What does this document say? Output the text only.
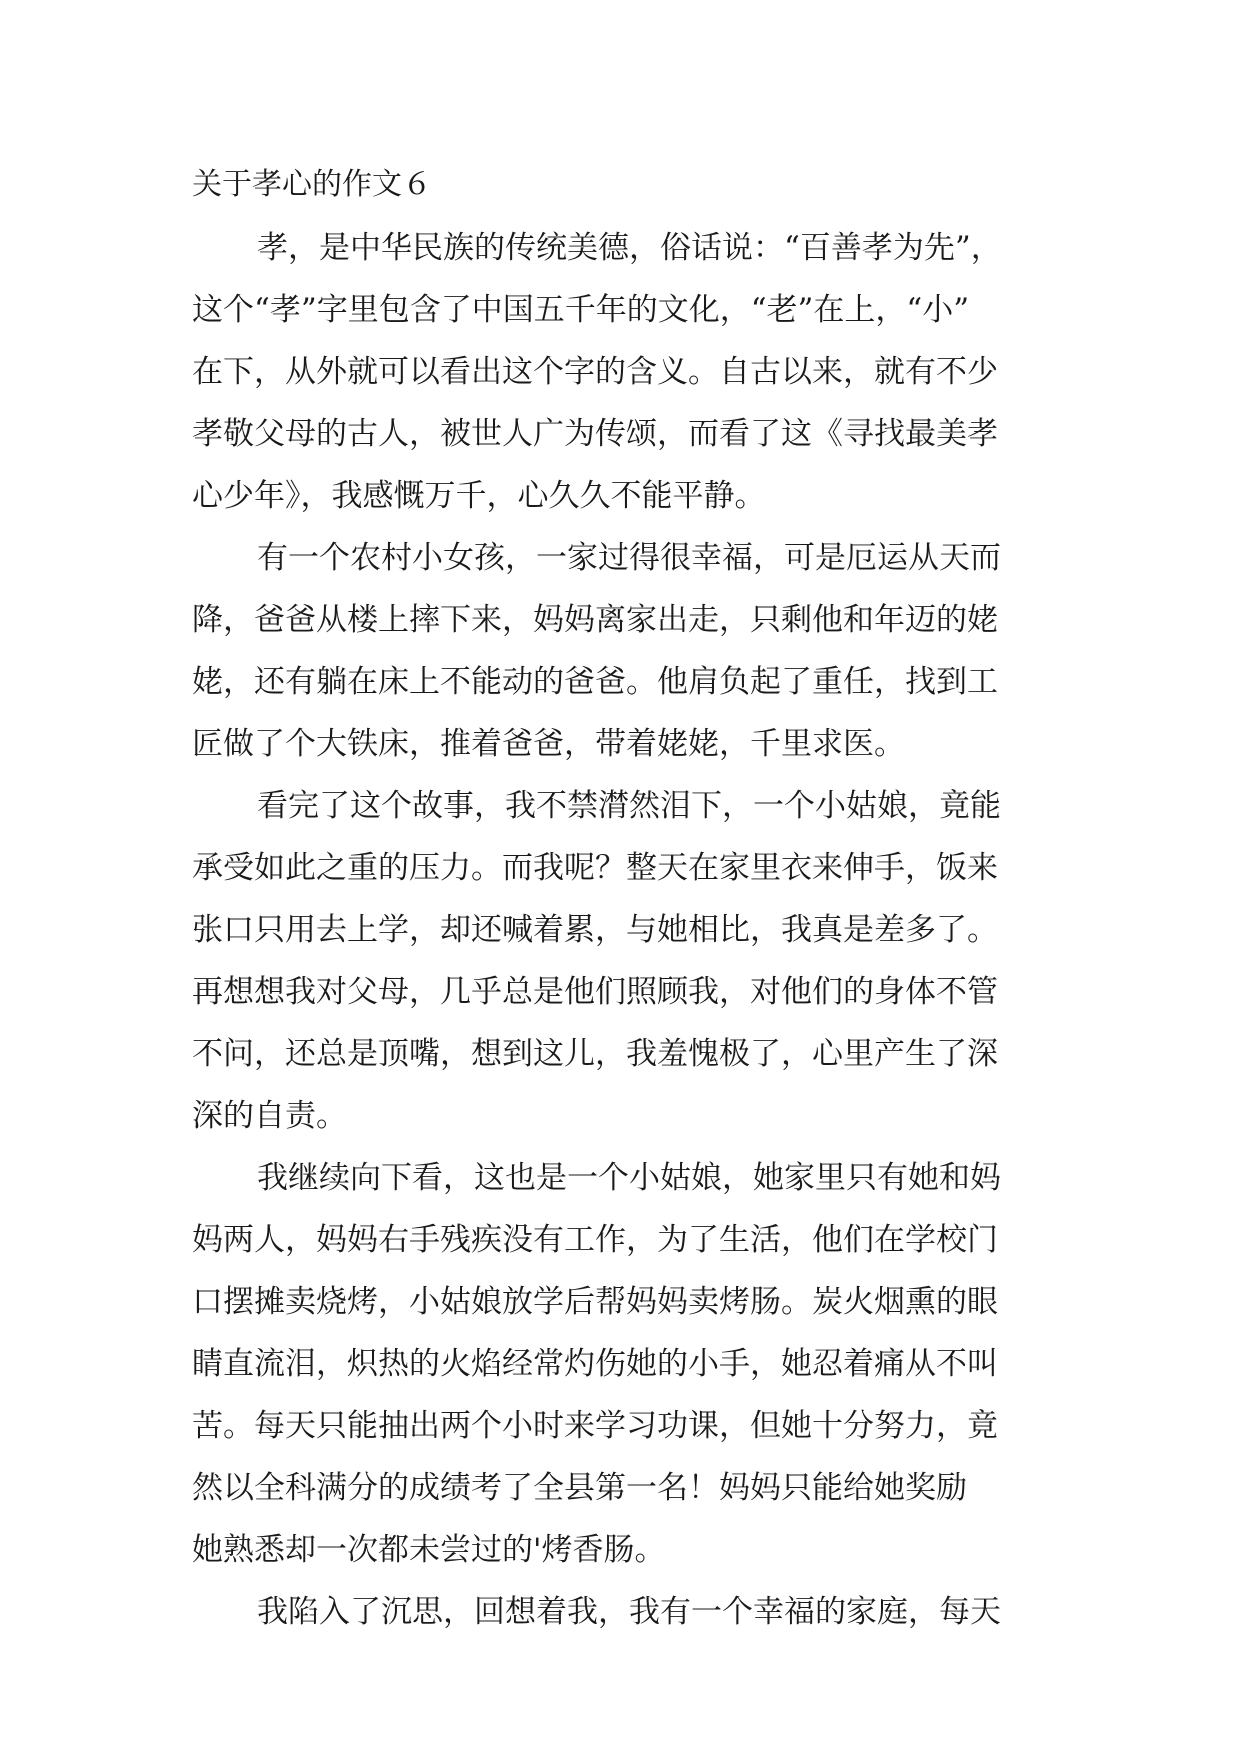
关于孝心的作文６

孝，是中华民族的传统美德，俗话说：“百善孝为先”，

这个“孝”字里包含了中国五千年的文化，“老”在上，“小”

在下，从外就可以看出这个字的含义。自古以来，就有不少

孝敬父母的古人，被世人广为传颂，而看了这《寻找最美孝

心少年》，我感慨万千，心久久不能平静。

有一个农村小女孩，一家过得很幸福，可是厄运从天而

降，爸爸从楼上摔下来，妈妈离家出走，只剩他和年迈的姥

姥，还有躺在床上不能动的爸爸。他肩负起了重任，找到工

匠做了个大铁床，推着爸爸，带着姥姥，千里求医。

看完了这个故事，我不禁潸然泪下，一个小姑娘，竟能

承受如此之重的压力。而我呢？整天在家里衣来伸手，饭来

张口只用去上学，却还喊着累，与她相比，我真是差多了。

再想想我对父母，几乎总是他们照顾我，对他们的身体不管

不问，还总是顶嘴，想到这儿，我羞愧极了，心里产生了深

深的自责。

我继续向下看，这也是一个小姑娘，她家里只有她和妈

妈两人，妈妈右手残疾没有工作，为了生活，他们在学校门

口摆摊卖烧烤，小姑娘放学后帮妈妈卖烤肠。炭火烟熏的眼

睛直流泪，炽热的火焰经常灼伤她的小手，她忍着痛从不叫

苦。每天只能抽出两个小时来学习功课，但她十分努力，竟

然以全科满分的成绩考了全县第一名！妈妈只能给她奖励

她熟悉却一次都未尝过的'烤香肠。

我陷入了沉思，回想着我，我有一个幸福的家庭，每天
